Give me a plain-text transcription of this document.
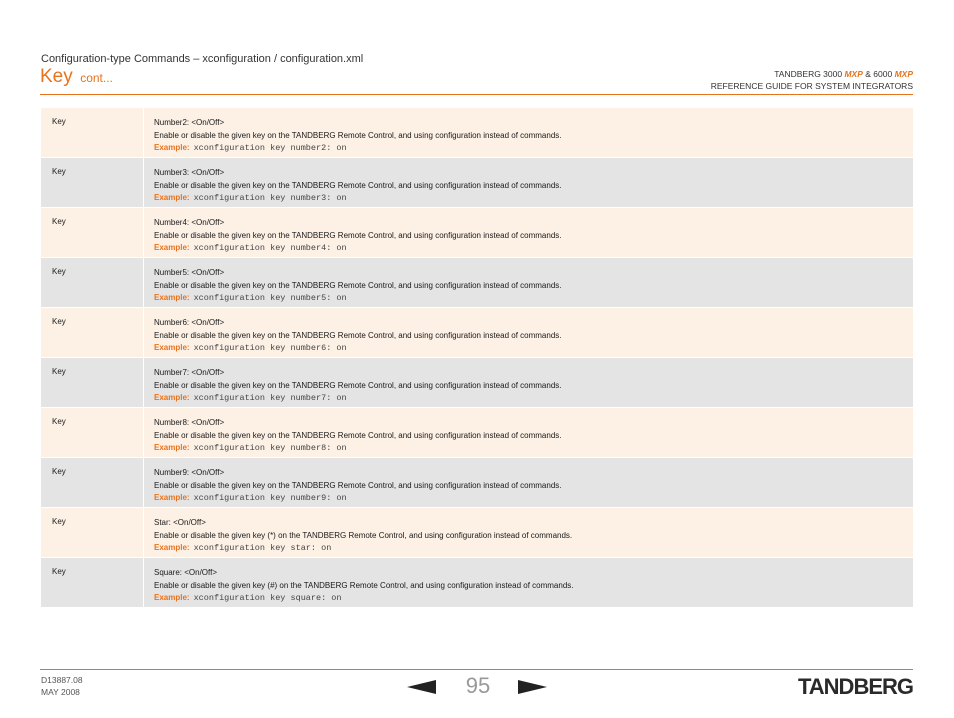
Configuration-type Commands – xconfiguration / configuration.xml
Key cont...	TANDBERG 3000 MXP & 6000 MXP
REFERENCE GUIDE FOR SYSTEM INTEGRATORS
Key	Number2: <On/Off>
Enable or disable the given key on the TANDBERG Remote Control, and using configuration instead of commands.
Example: xconfiguration key number2: on
Key	Number3: <On/Off>
Enable or disable the given key on the TANDBERG Remote Control, and using configuration instead of commands.
Example: xconfiguration key number3: on
Key	Number4: <On/Off>
Enable or disable the given key on the TANDBERG Remote Control, and using configuration instead of commands.
Example: xconfiguration key number4: on
Key	Number5: <On/Off>
Enable or disable the given key on the TANDBERG Remote Control, and using configuration instead of commands.
Example: xconfiguration key number5: on
Key	Number6: <On/Off>
Enable or disable the given key on the TANDBERG Remote Control, and using configuration instead of commands.
Example: xconfiguration key number6: on
Key	Number7: <On/Off>
Enable or disable the given key on the TANDBERG Remote Control, and using configuration instead of commands.
Example: xconfiguration key number7: on
Key	Number8: <On/Off>
Enable or disable the given key on the TANDBERG Remote Control, and using configuration instead of commands.
Example: xconfiguration key number8: on
Key	Number9: <On/Off>
Enable or disable the given key on the TANDBERG Remote Control, and using configuration instead of commands.
Example: xconfiguration key number9: on
Key	Star: <On/Off>
Enable or disable the given key (*) on the TANDBERG Remote Control, and using configuration instead of commands.
Example: xconfiguration key star: on
Key	Square: <On/Off>
Enable or disable the given key (#) on the TANDBERG Remote Control, and using configuration instead of commands.
Example: xconfiguration key square: on
D13887.08
MAY 2008	95	TANDBERG
